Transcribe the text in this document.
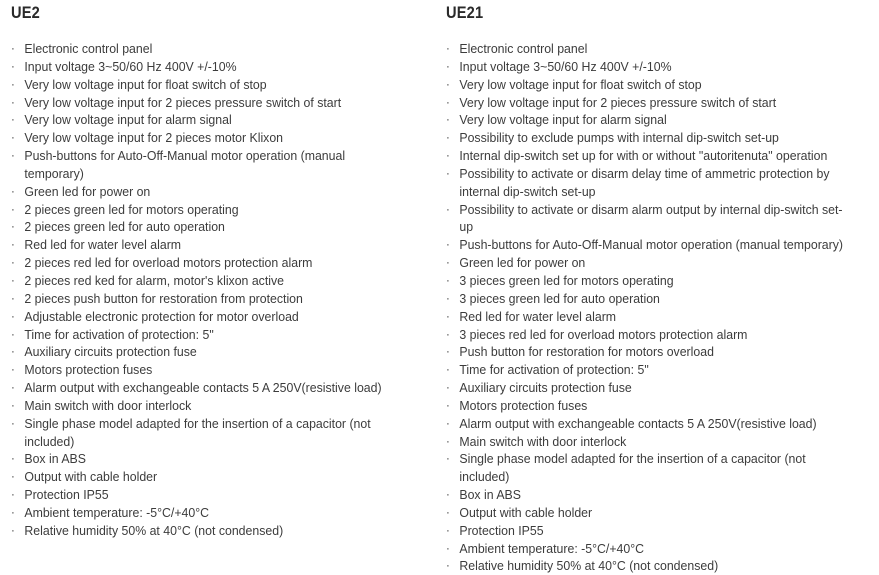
UE2
· Electronic control panel
· Input voltage 3~50/60 Hz 400V +/-10%
· Very low voltage input for float switch of stop
· Very low voltage input for 2 pieces pressure switch of start
· Very low voltage input for alarm signal
· Very low voltage input for 2 pieces motor Klixon
· Push-buttons for Auto-Off-Manual motor operation (manual temporary)
· Green led for power on
· 2 pieces green led for motors operating
· 2 pieces green led for auto operation
· Red led for water level alarm
· 2 pieces red led for overload motors protection alarm
· 2 pieces red ked for alarm, motor's klixon active
· 2 pieces push button for restoration from protection
· Adjustable electronic protection for motor overload
· Time for activation of protection: 5"
· Auxiliary circuits protection fuse
· Motors protection fuses
· Alarm output with exchangeable contacts 5 A 250V(resistive load)
· Main switch with door interlock
· Single phase model adapted for the insertion of a capacitor (not included)
· Box in ABS
· Output with cable holder
· Protection IP55
· Ambient temperature: -5°C/+40°C
· Relative humidity 50% at 40°C (not condensed)
UE21
· Electronic control panel
· Input voltage 3~50/60 Hz 400V +/-10%
· Very low voltage input for float switch of stop
· Very low voltage input for 2 pieces pressure switch of start
· Very low voltage input for alarm signal
· Possibility to exclude pumps with internal dip-switch set-up
· Internal dip-switch set up for with or without "autoritenuta" operation
· Possibility to activate or disarm delay time of ammetric protection by internal dip-switch set-up
· Possibility to activate or disarm alarm output by internal dip-switch set-up
· Push-buttons for Auto-Off-Manual motor operation (manual temporary)
· Green led for power on
· 3 pieces green led for motors operating
· 3 pieces green led for auto operation
· Red led for water level alarm
· 3 pieces red led for overload motors protection alarm
· Push button for restoration for motors overload
· Time for activation of protection: 5"
· Auxiliary circuits protection fuse
· Motors protection fuses
· Alarm output with exchangeable contacts 5 A 250V(resistive load)
· Main switch with door interlock
· Single phase model adapted for the insertion of a capacitor (not included)
· Box in ABS
· Output with cable holder
· Protection IP55
· Ambient temperature: -5°C/+40°C
· Relative humidity 50% at 40°C (not condensed)
